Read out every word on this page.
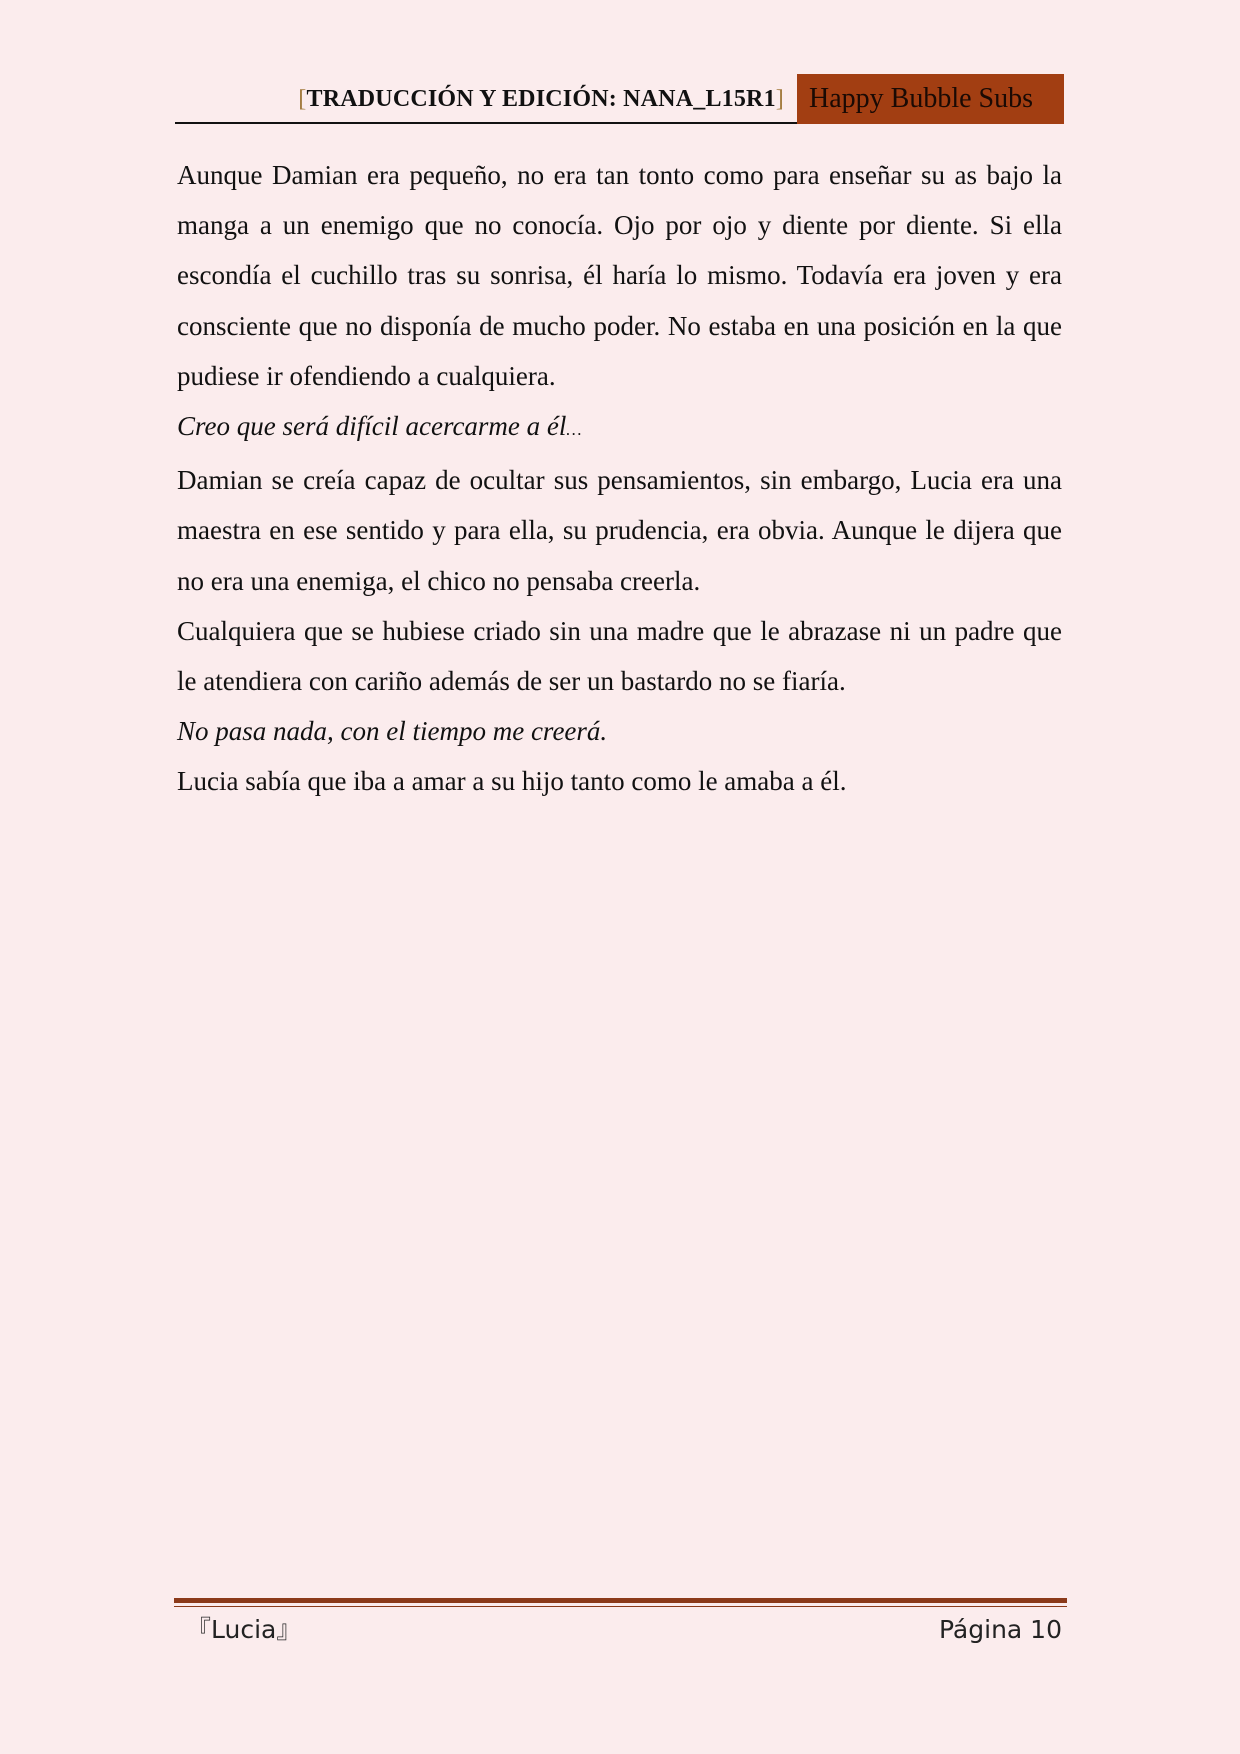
[TRADUCCIÓN Y EDICIÓN: NANA_L15R1] Happy Bubble Subs

Aunque Damian era pequeño, no era tan tonto como para enseñar su as bajo la manga a un enemigo que no conocía. Ojo por ojo y diente por diente. Si ella escondía el cuchillo tras su sonrisa, él haría lo mismo. Todavía era joven y era consciente que no disponía de mucho poder. No estaba en una posición en la que pudiese ir ofendiendo a cualquiera.

Creo que será difícil acercarme a él…

Damian se creía capaz de ocultar sus pensamientos, sin embargo, Lucia era una maestra en ese sentido y para ella, su prudencia, era obvia. Aunque le dijera que no era una enemiga, el chico no pensaba creerla.

Cualquiera que se hubiese criado sin una madre que le abrazase ni un padre que le atendiera con cariño además de ser un bastardo no se fiaría.

No pasa nada, con el tiempo me creerá.

Lucia sabía que iba a amar a su hijo tanto como le amaba a él.

『Lucia』	Página 10
